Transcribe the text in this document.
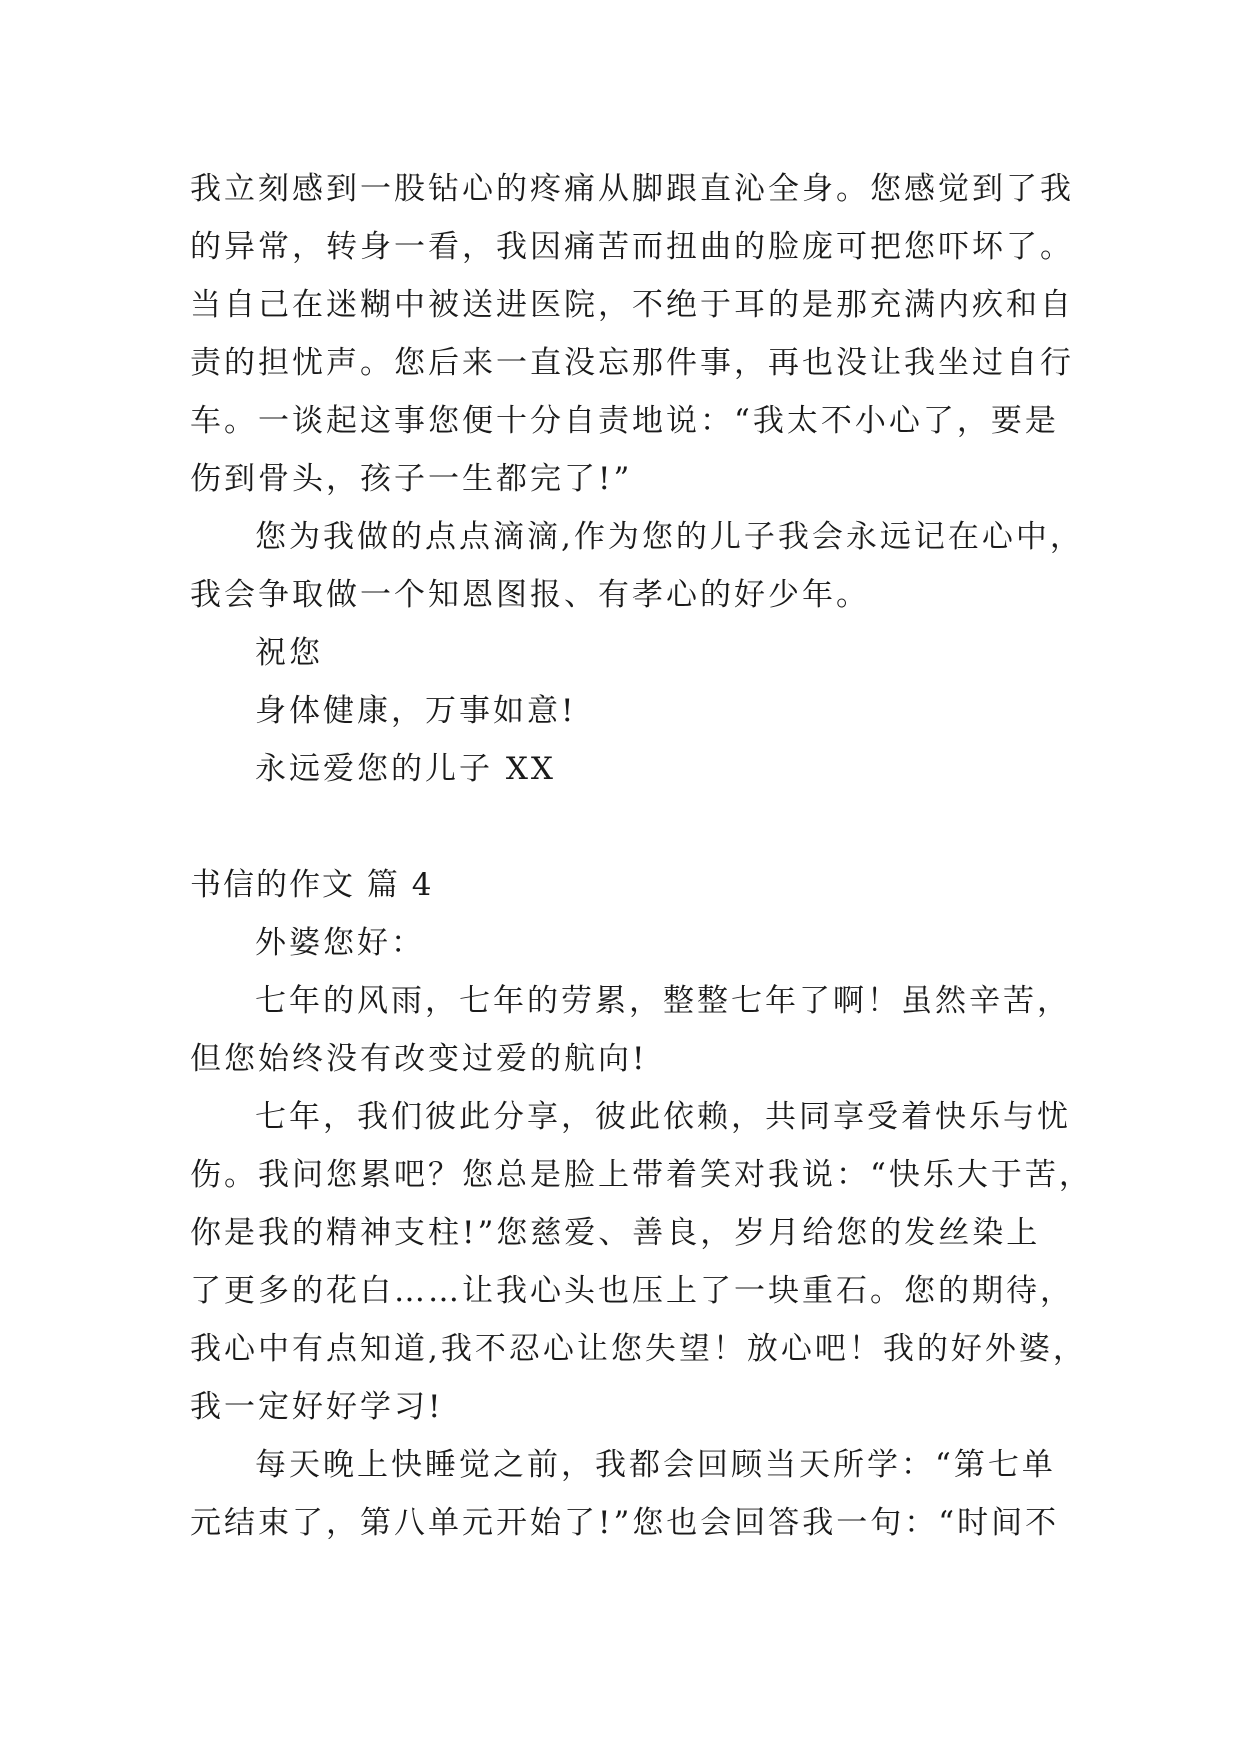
我立刻感到一股钻心的疼痛从脚跟直沁全身。您感觉到了我
的异常，转身一看，我因痛苦而扭曲的脸庞可把您吓坏了。
当自己在迷糊中被送进医院，不绝于耳的是那充满内疚和自
责的担忧声。您后来一直没忘那件事，再也没让我坐过自行
车。一谈起这事您便十分自责地说：“我太不小心了，要是
伤到骨头，孩子一生都完了!”
您为我做的点点滴滴,作为您的儿子我会永远记在心中，
我会争取做一个知恩图报、有孝心的好少年。
祝您
身体健康，万事如意!
永远爱您的儿子 XX
书信的作文 篇 4
外婆您好：
七年的风雨，七年的劳累，整整七年了啊！虽然辛苦，
但您始终没有改变过爱的航向!
七年，我们彼此分享，彼此依赖，共同享受着快乐与忧
伤。我问您累吧？您总是脸上带着笑对我说：“快乐大于苦，
你是我的精神支柱!”您慈爱、善良，岁月给您的发丝染上
了更多的花白……让我心头也压上了一块重石。您的期待，
我心中有点知道,我不忍心让您失望！放心吧！我的好外婆，
我一定好好学习!
每天晚上快睡觉之前，我都会回顾当天所学：“第七单
元结束了，第八单元开始了!”您也会回答我一句：“时间不
